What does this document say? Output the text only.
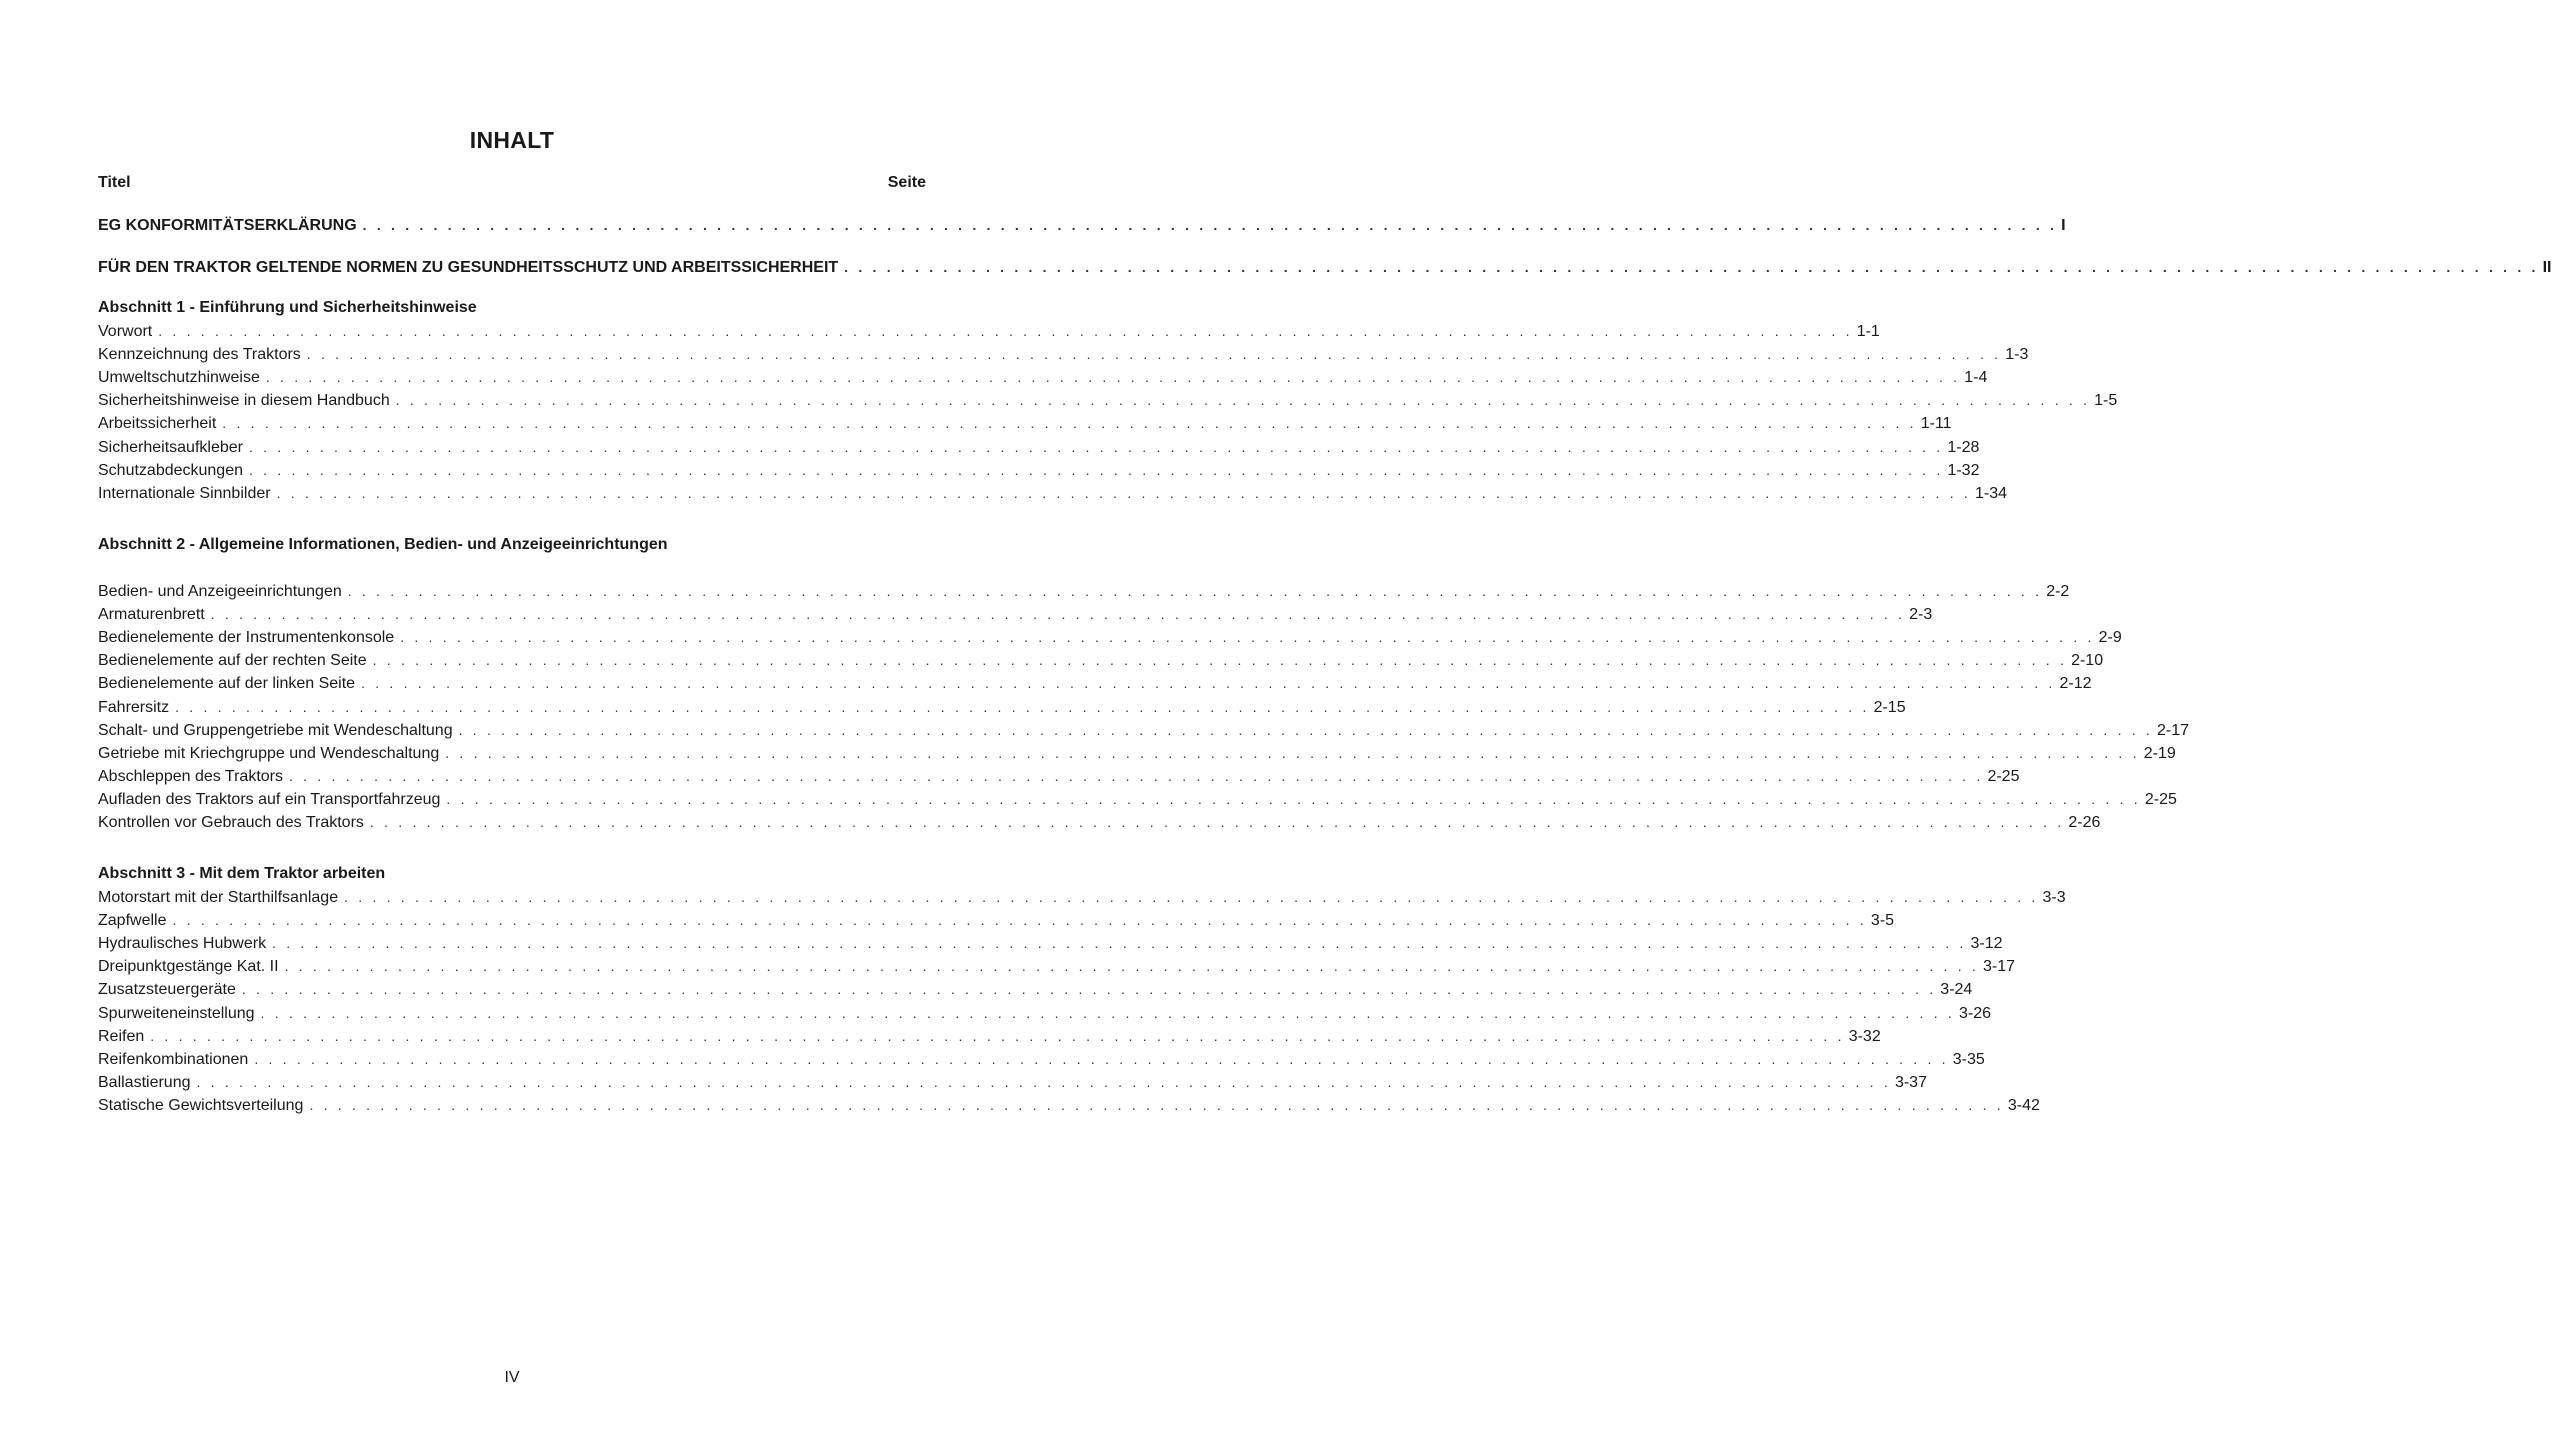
INHALT
Titel	Seite
EG KONFORMITÄTSERKLÄRUNG . . . . . . . . . . . . . . . . . . . . . . . . . . . . . . . . . . . . . . . . . . . . . . . . . . . . . . . . . . . . . . . . . . . . . . . . . . . . . . . . . . . . . . . . . . . . . . . . . . . . . . . . . . . . . . . . . . . . . . . . I
FÜR DEN TRAKTOR GELTENDE NORMEN ZU GESUNDHEITSSCHUTZ UND ARBEITSSICHERHEIT . . . . . . . . . . . . . . . . . . . . . . . . . . . . . . . . . . . . . . . . . . . . . . . . . . . . . . . . . . . . . . . . . . . . . . . . . . . . . . . . . . . . . . . . . . . . . . . . . . . . . . . . . . . . . . . . . . . . . . . . II
Abschnitt 1 - Einführung und Sicherheitshinweise
Vorwort . . . . . . . . . . . . . . . . . . . . . . . . . . . . . . . . . . . . . . . . . . . . . . . . . . . . . . . . . . . . . . . . . . . . . . . . . . . . . . . . . . . . . . . . . . . . . . . . . . . . . . . . . . . . . . . . . . . . . . . . 1-1
Kennzeichnung des Traktors . . . . . . . . . . . . . . . . . . . . . . . . . . . . . . . . . . . . . . . . . . . . . . . . . . . . . . . . . . . . . . . . . . . . . . . . . . . . . . . . . . . . . . . . . . . . . . . . . . . . . . . . . . . . . . . . . . . . . . . . 1-3
Umweltschutzhinweise . . . . . . . . . . . . . . . . . . . . . . . . . . . . . . . . . . . . . . . . . . . . . . . . . . . . . . . . . . . . . . . . . . . . . . . . . . . . . . . . . . . . . . . . . . . . . . . . . . . . . . . . . . . . . . . . . . . . . . . . 1-4
Sicherheitshinweise in diesem Handbuch . . . . . . . . . . . . . . . . . . . . . . . . . . . . . . . . . . . . . . . . . . . . . . . . . . . . . . . . . . . . . . . . . . . . . . . . . . . . . . . . . . . . . . . . . . . . . . . . . . . . . . . . . . . . . . . . . . . . . . . . 1-5
Arbeitssicherheit . . . . . . . . . . . . . . . . . . . . . . . . . . . . . . . . . . . . . . . . . . . . . . . . . . . . . . . . . . . . . . . . . . . . . . . . . . . . . . . . . . . . . . . . . . . . . . . . . . . . . . . . . . . . . . . . . . . . . . . . 1-11
Sicherheitsaufkleber . . . . . . . . . . . . . . . . . . . . . . . . . . . . . . . . . . . . . . . . . . . . . . . . . . . . . . . . . . . . . . . . . . . . . . . . . . . . . . . . . . . . . . . . . . . . . . . . . . . . . . . . . . . . . . . . . . . . . . . . 1-28
Schutzabdeckungen . . . . . . . . . . . . . . . . . . . . . . . . . . . . . . . . . . . . . . . . . . . . . . . . . . . . . . . . . . . . . . . . . . . . . . . . . . . . . . . . . . . . . . . . . . . . . . . . . . . . . . . . . . . . . . . . . . . . . . . . 1-32
Internationale Sinnbilder . . . . . . . . . . . . . . . . . . . . . . . . . . . . . . . . . . . . . . . . . . . . . . . . . . . . . . . . . . . . . . . . . . . . . . . . . . . . . . . . . . . . . . . . . . . . . . . . . . . . . . . . . . . . . . . . . . . . . . . . 1-34
Abschnitt 2 - Allgemeine Informationen, Bedien- und Anzeigeeinrichtungen
Bedien- und Anzeigeeinrichtungen . . . . . . . . . . . . . . . . . . . . . . . . . . . . . . . . . . . . . . . . . . . . . . . . . . . . . . . . . . . . . . . . . . . . . . . . . . . . . . . . . . . . . . . . . . . . . . . . . . . . . . . . . . . . . . . . . . . . . . . . 2-2
Armaturenbrett . . . . . . . . . . . . . . . . . . . . . . . . . . . . . . . . . . . . . . . . . . . . . . . . . . . . . . . . . . . . . . . . . . . . . . . . . . . . . . . . . . . . . . . . . . . . . . . . . . . . . . . . . . . . . . . . . . . . . . . . 2-3
Bedienelemente der Instrumentenkonsole . . . . . . . . . . . . . . . . . . . . . . . . . . . . . . . . . . . . . . . . . . . . . . . . . . . . . . . . . . . . . . . . . . . . . . . . . . . . . . . . . . . . . . . . . . . . . . . . . . . . . . . . . . . . . . . . . . . . . . . . 2-9
Bedienelemente auf der rechten Seite . . . . . . . . . . . . . . . . . . . . . . . . . . . . . . . . . . . . . . . . . . . . . . . . . . . . . . . . . . . . . . . . . . . . . . . . . . . . . . . . . . . . . . . . . . . . . . . . . . . . . . . . . . . . . . . . . . . . . . . . 2-10
Bedienelemente auf der linken Seite . . . . . . . . . . . . . . . . . . . . . . . . . . . . . . . . . . . . . . . . . . . . . . . . . . . . . . . . . . . . . . . . . . . . . . . . . . . . . . . . . . . . . . . . . . . . . . . . . . . . . . . . . . . . . . . . . . . . . . . . 2-12
Fahrersitz . . . . . . . . . . . . . . . . . . . . . . . . . . . . . . . . . . . . . . . . . . . . . . . . . . . . . . . . . . . . . . . . . . . . . . . . . . . . . . . . . . . . . . . . . . . . . . . . . . . . . . . . . . . . . . . . . . . . . . . . 2-15
Schalt- und Gruppengetriebe mit Wendeschaltung . . . . . . . . . . . . . . . . . . . . . . . . . . . . . . . . . . . . . . . . . . . . . . . . . . . . . . . . . . . . . . . . . . . . . . . . . . . . . . . . . . . . . . . . . . . . . . . . . . . . . . . . . . . . . . . . . . . . . . . . 2-17
Getriebe mit Kriechgruppe und Wendeschaltung . . . . . . . . . . . . . . . . . . . . . . . . . . . . . . . . . . . . . . . . . . . . . . . . . . . . . . . . . . . . . . . . . . . . . . . . . . . . . . . . . . . . . . . . . . . . . . . . . . . . . . . . . . . . . . . . . . . . . . . . 2-19
Abschleppen des Traktors . . . . . . . . . . . . . . . . . . . . . . . . . . . . . . . . . . . . . . . . . . . . . . . . . . . . . . . . . . . . . . . . . . . . . . . . . . . . . . . . . . . . . . . . . . . . . . . . . . . . . . . . . . . . . . . . . . . . . . . . 2-25
Aufladen des Traktors auf ein Transportfahrzeug . . . . . . . . . . . . . . . . . . . . . . . . . . . . . . . . . . . . . . . . . . . . . . . . . . . . . . . . . . . . . . . . . . . . . . . . . . . . . . . . . . . . . . . . . . . . . . . . . . . . . . . . . . . . . . . . . . . . . . . . 2-25
Kontrollen vor Gebrauch des Traktors . . . . . . . . . . . . . . . . . . . . . . . . . . . . . . . . . . . . . . . . . . . . . . . . . . . . . . . . . . . . . . . . . . . . . . . . . . . . . . . . . . . . . . . . . . . . . . . . . . . . . . . . . . . . . . . . . . . . . . . . 2-26
Abschnitt 3 - Mit dem Traktor arbeiten
Motorstart mit der Starthilfsanlage . . . . . . . . . . . . . . . . . . . . . . . . . . . . . . . . . . . . . . . . . . . . . . . . . . . . . . . . . . . . . . . . . . . . . . . . . . . . . . . . . . . . . . . . . . . . . . . . . . . . . . . . . . . . . . . . . . . . . . . . 3-3
Zapfwelle . . . . . . . . . . . . . . . . . . . . . . . . . . . . . . . . . . . . . . . . . . . . . . . . . . . . . . . . . . . . . . . . . . . . . . . . . . . . . . . . . . . . . . . . . . . . . . . . . . . . . . . . . . . . . . . . . . . . . . . . 3-5
Hydraulisches Hubwerk . . . . . . . . . . . . . . . . . . . . . . . . . . . . . . . . . . . . . . . . . . . . . . . . . . . . . . . . . . . . . . . . . . . . . . . . . . . . . . . . . . . . . . . . . . . . . . . . . . . . . . . . . . . . . . . . . . . . . . . . 3-12
Dreipunktgestänge Kat. II . . . . . . . . . . . . . . . . . . . . . . . . . . . . . . . . . . . . . . . . . . . . . . . . . . . . . . . . . . . . . . . . . . . . . . . . . . . . . . . . . . . . . . . . . . . . . . . . . . . . . . . . . . . . . . . . . . . . . . . . 3-17
Zusatzsteuergeräte . . . . . . . . . . . . . . . . . . . . . . . . . . . . . . . . . . . . . . . . . . . . . . . . . . . . . . . . . . . . . . . . . . . . . . . . . . . . . . . . . . . . . . . . . . . . . . . . . . . . . . . . . . . . . . . . . . . . . . . . 3-24
Spurweiteneinstellung . . . . . . . . . . . . . . . . . . . . . . . . . . . . . . . . . . . . . . . . . . . . . . . . . . . . . . . . . . . . . . . . . . . . . . . . . . . . . . . . . . . . . . . . . . . . . . . . . . . . . . . . . . . . . . . . . . . . . . . . 3-26
Reifen . . . . . . . . . . . . . . . . . . . . . . . . . . . . . . . . . . . . . . . . . . . . . . . . . . . . . . . . . . . . . . . . . . . . . . . . . . . . . . . . . . . . . . . . . . . . . . . . . . . . . . . . . . . . . . . . . . . . . . . . 3-32
Reifenkombinationen . . . . . . . . . . . . . . . . . . . . . . . . . . . . . . . . . . . . . . . . . . . . . . . . . . . . . . . . . . . . . . . . . . . . . . . . . . . . . . . . . . . . . . . . . . . . . . . . . . . . . . . . . . . . . . . . . . . . . . . . 3-35
Ballastierung . . . . . . . . . . . . . . . . . . . . . . . . . . . . . . . . . . . . . . . . . . . . . . . . . . . . . . . . . . . . . . . . . . . . . . . . . . . . . . . . . . . . . . . . . . . . . . . . . . . . . . . . . . . . . . . . . . . . . . . . 3-37
Statische Gewichtsverteilung . . . . . . . . . . . . . . . . . . . . . . . . . . . . . . . . . . . . . . . . . . . . . . . . . . . . . . . . . . . . . . . . . . . . . . . . . . . . . . . . . . . . . . . . . . . . . . . . . . . . . . . . . . . . . . . . . . . . . . . . 3-42
IV
